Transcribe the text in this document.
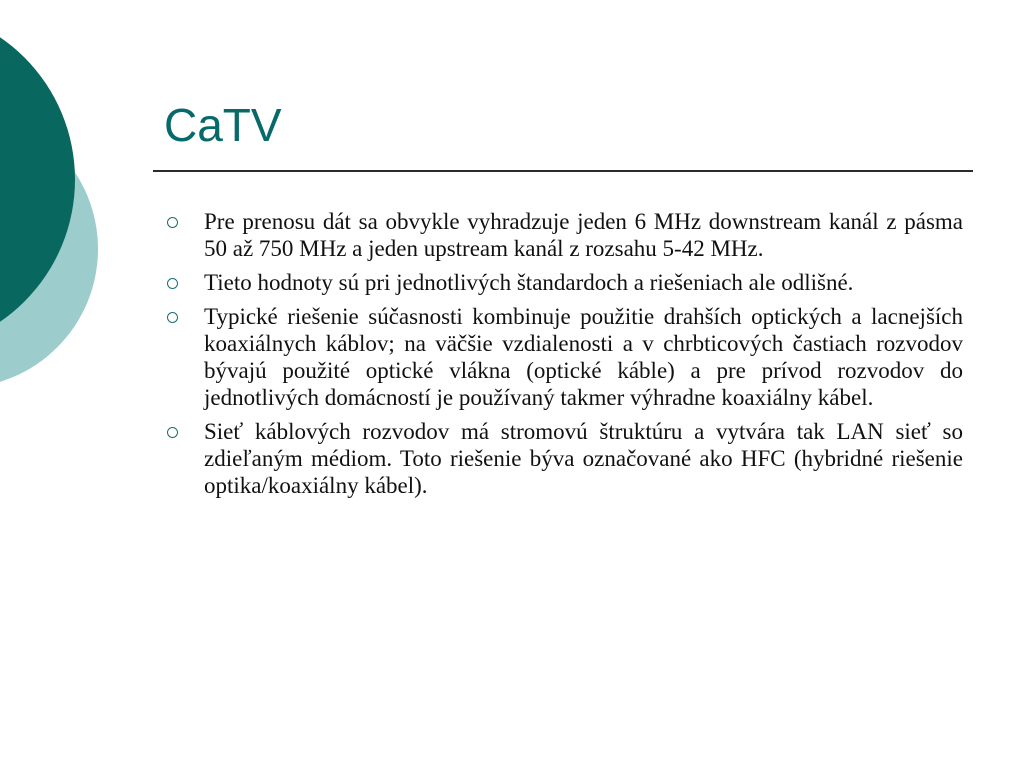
CaTV
Pre prenosu dát sa obvykle vyhradzuje jeden 6 MHz downstream kanál z pásma 50 až 750 MHz a jeden upstream kanál z rozsahu 5-42 MHz.
Tieto hodnoty sú pri jednotlivých štandardoch a riešeniach ale odlišné.
Typické riešenie súčasnosti kombinuje použitie drahších optických a lacnejších koaxiálnych káblov; na väčšie vzdialenosti a v chrbticových častiach rozvodov bývajú použité optické vlákna (optické káble) a pre prívod rozvodov do jednotlivých domácností je používaný takmer výhradne koaxiálny kábel.
Sieť káblových rozvodov má stromovú štruktúru a vytvára tak LAN sieť so zdieľaným médiom. Toto riešenie býva označované ako HFC (hybridné riešenie optika/koaxiálny kábel).
